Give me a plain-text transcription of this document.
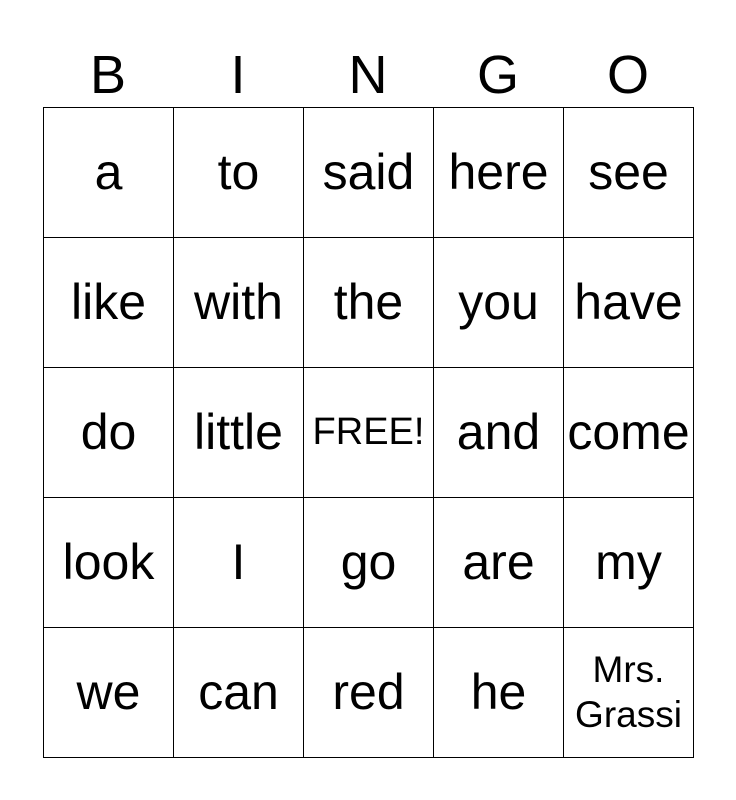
B	I	N	G	O
a to said here see
like with the you have
do little FREE! and come
look I go are my
we can red he	Mrs.
Grassi
